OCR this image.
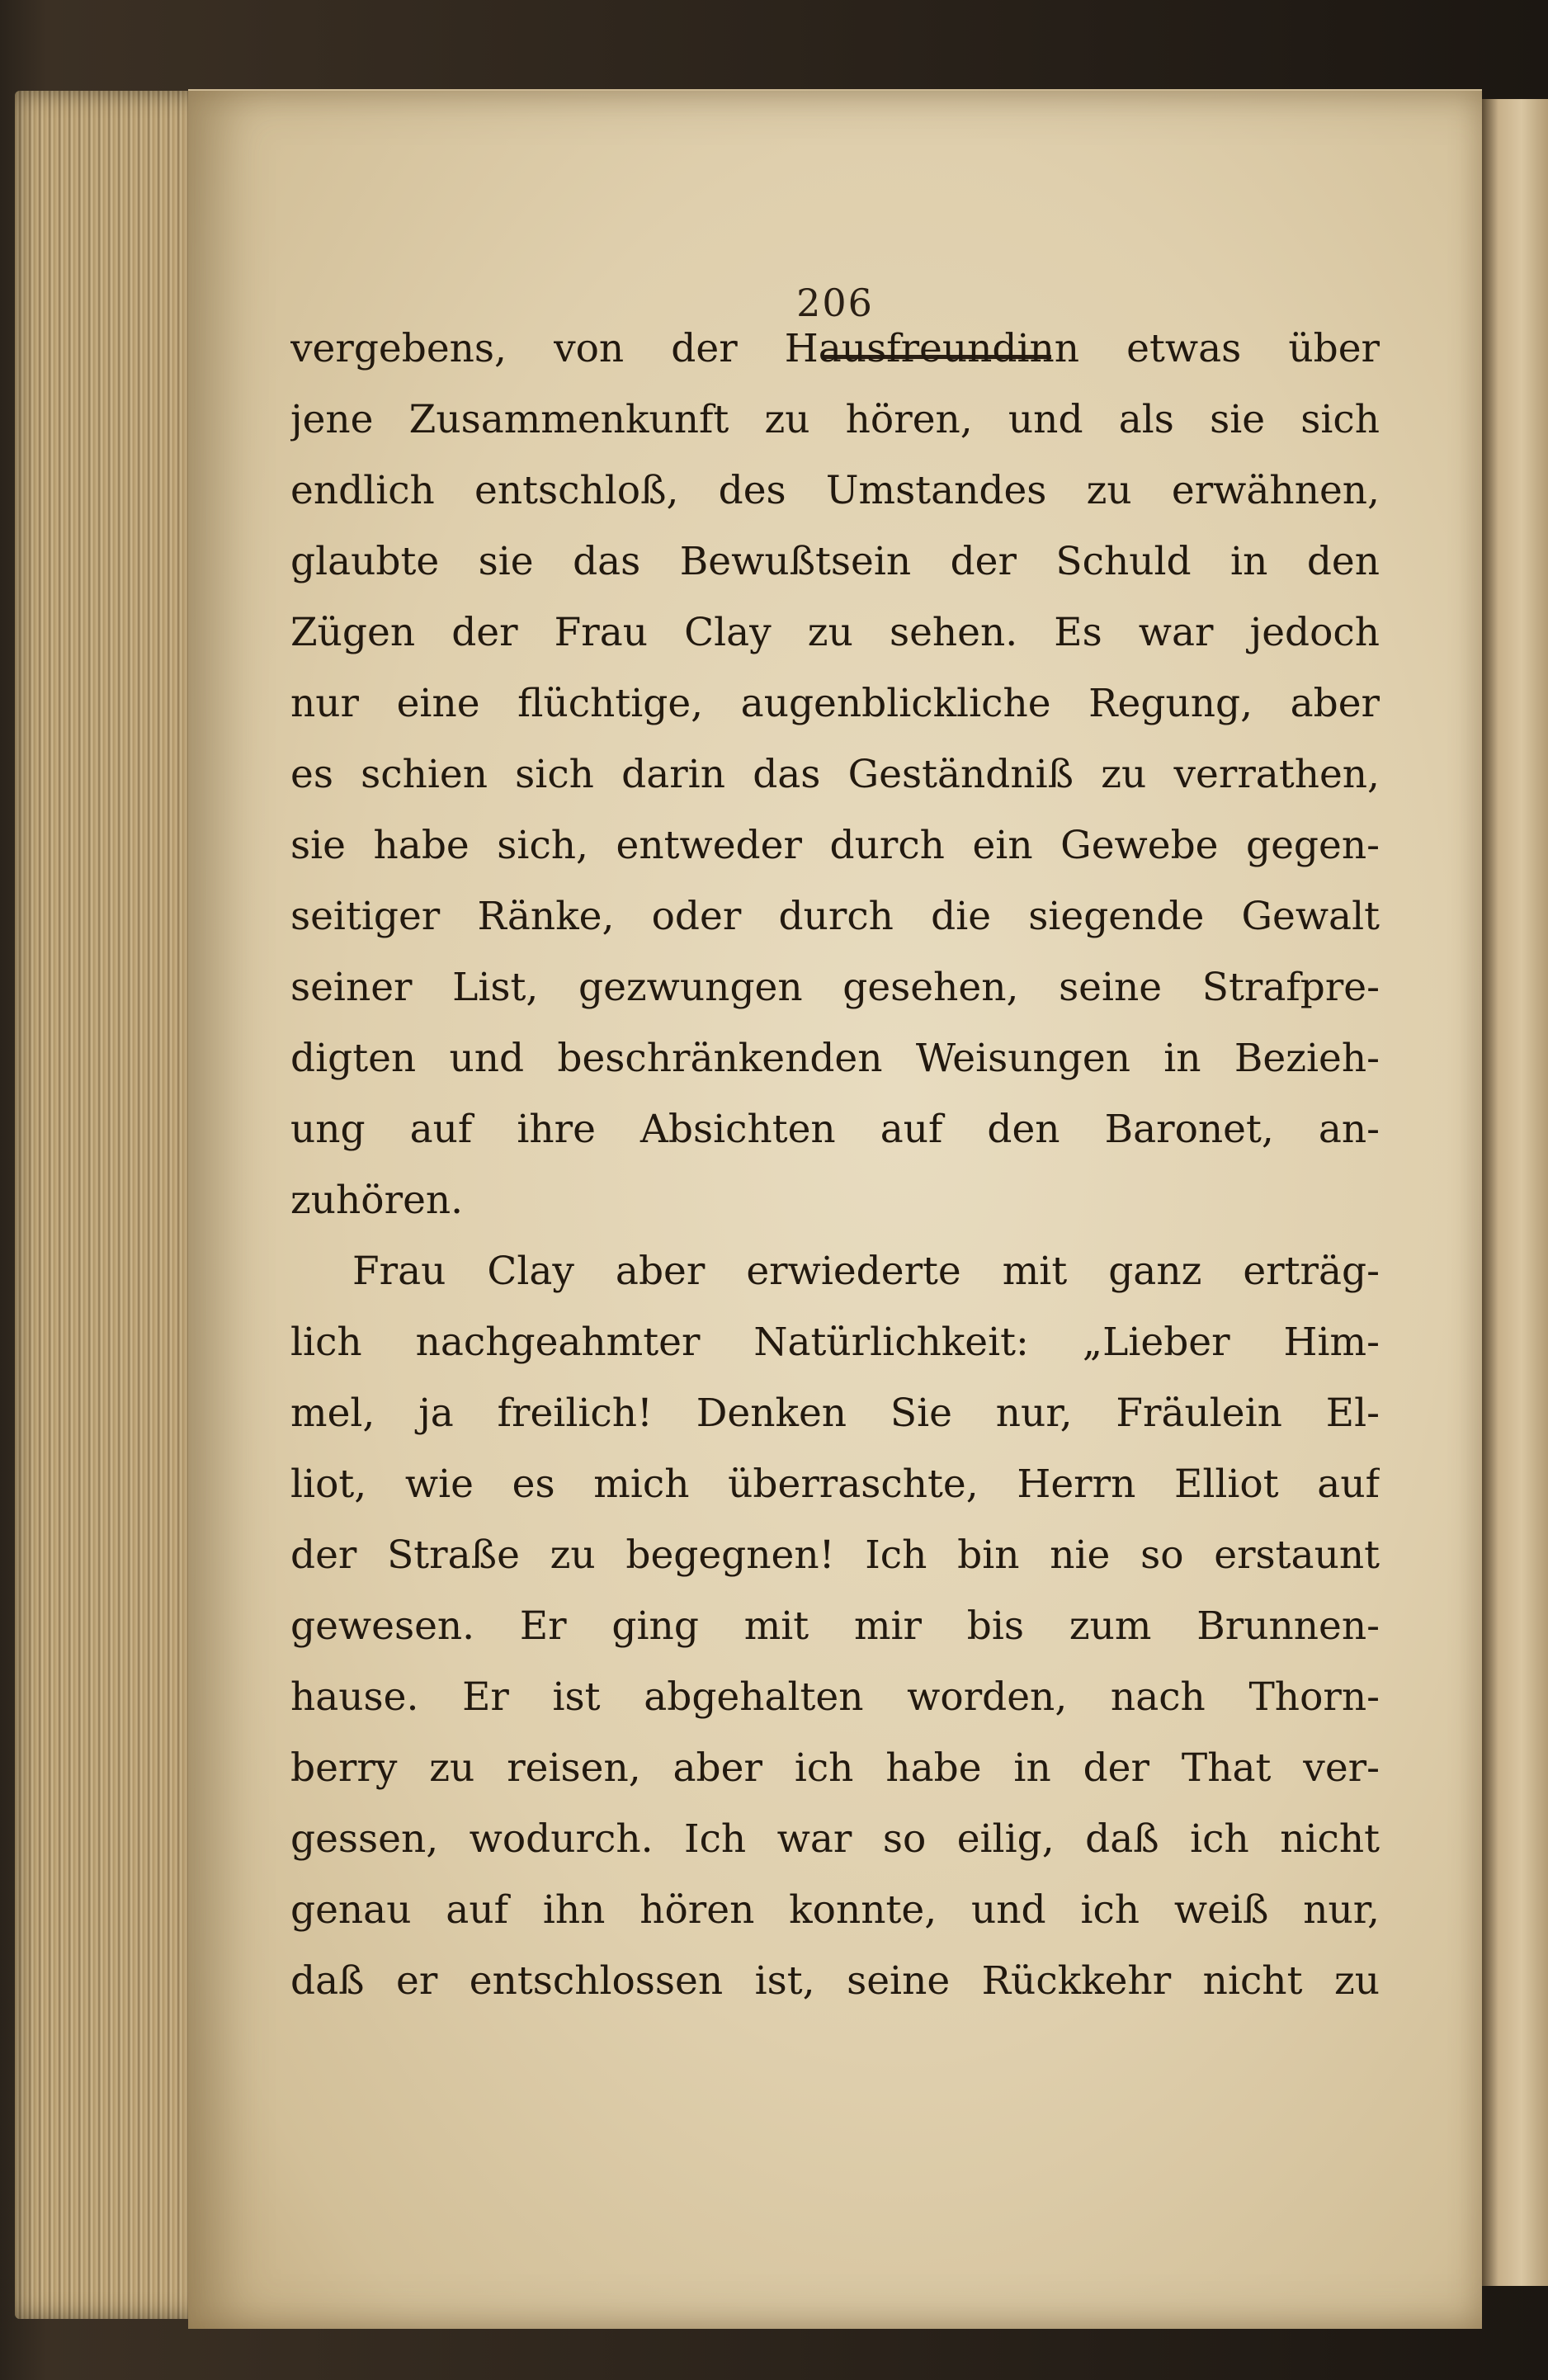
206
vergebens, von der Hausfreundinn etwas über
jene Zusammenkunft zu hören, und als sie sich
endlich entschloß, des Umstandes zu erwähnen,
glaubte sie das Bewußtsein der Schuld in den
Zügen der Frau Clay zu sehen. Es war jedoch
nur eine flüchtige, augenblickliche Regung, aber
es schien sich darin das Geständniß zu verrathen,
sie habe sich, entweder durch ein Gewebe gegen-
seitiger Ränke, oder durch die siegende Gewalt
seiner List, gezwungen gesehen, seine Strafpre-
digten und beschränkenden Weisungen in Bezieh-
ung auf ihre Absichten auf den Baronet, an-
zuhören.
Frau Clay aber erwiederte mit ganz erträg-
lich nachgeahmter Natürlichkeit: „Lieber Him-
mel, ja freilich! Denken Sie nur, Fräulein El-
liot, wie es mich überraschte, Herrn Elliot auf
der Straße zu begegnen! Ich bin nie so erstaunt
gewesen. Er ging mit mir bis zum Brunnen-
hause. Er ist abgehalten worden, nach Thorn-
berry zu reisen, aber ich habe in der That ver-
gessen, wodurch. Ich war so eilig, daß ich nicht
genau auf ihn hören konnte, und ich weiß nur,
daß er entschlossen ist, seine Rückkehr nicht zu
